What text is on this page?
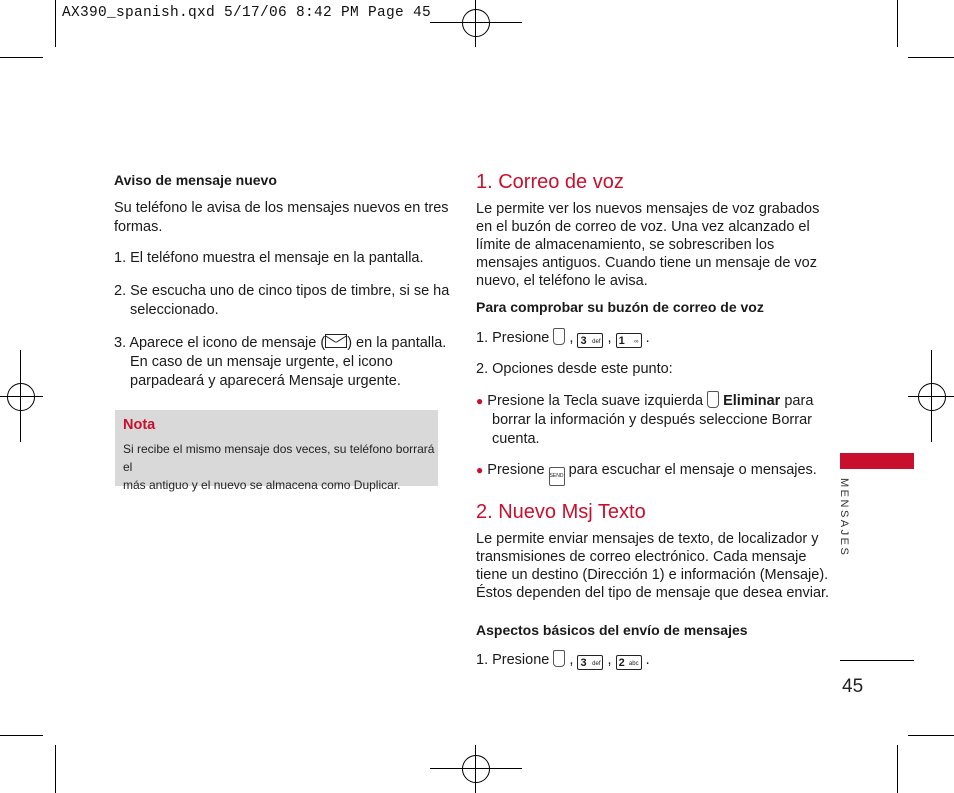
AX390_spanish.qxd 5/17/06 8:42 PM Page 45
Aviso de mensaje nuevo
Su teléfono le avisa de los mensajes nuevos en tres
formas.
1. El teléfono muestra el mensaje en la pantalla.
2. Se escucha uno de cinco tipos de timbre, si se ha
seleccionado.
3. Aparece el icono de mensaje ( ) en la pantalla.
En caso de un mensaje urgente, el icono
parpadeará y aparecerá Mensaje urgente.
Nota
Si recibe el mismo mensaje dos veces, su teléfono borrará el
más antiguo y el nuevo se almacena como Duplicar.
1. Correo de voz
Le permite ver los nuevos mensajes de voz grabados
en el buzón de correo de voz. Una vez alcanzado el
límite de almacenamiento, se sobrescriben los
mensajes antiguos. Cuando tiene un mensaje de voz
nuevo, el teléfono le avisa.
Para comprobar su buzón de correo de voz
1. Presione  , 3 def , 1 ∞ .
2. Opciones desde este punto:
● Presione la Tecla suave izquierda Eliminar para
borrar la información y después seleccione Borrar
cuenta.
● Presione SEND para escuchar el mensaje o mensajes.
2. Nuevo Msj Texto
Le permite enviar mensajes de texto, de localizador y
transmisiones de correo electrónico. Cada mensaje
tiene un destino (Dirección 1) e información (Mensaje).
Éstos dependen del tipo de mensaje que desea enviar.
Aspectos básicos del envío de mensajes
1. Presione  , 3 def , 2 abc .
MENSAJES
45
